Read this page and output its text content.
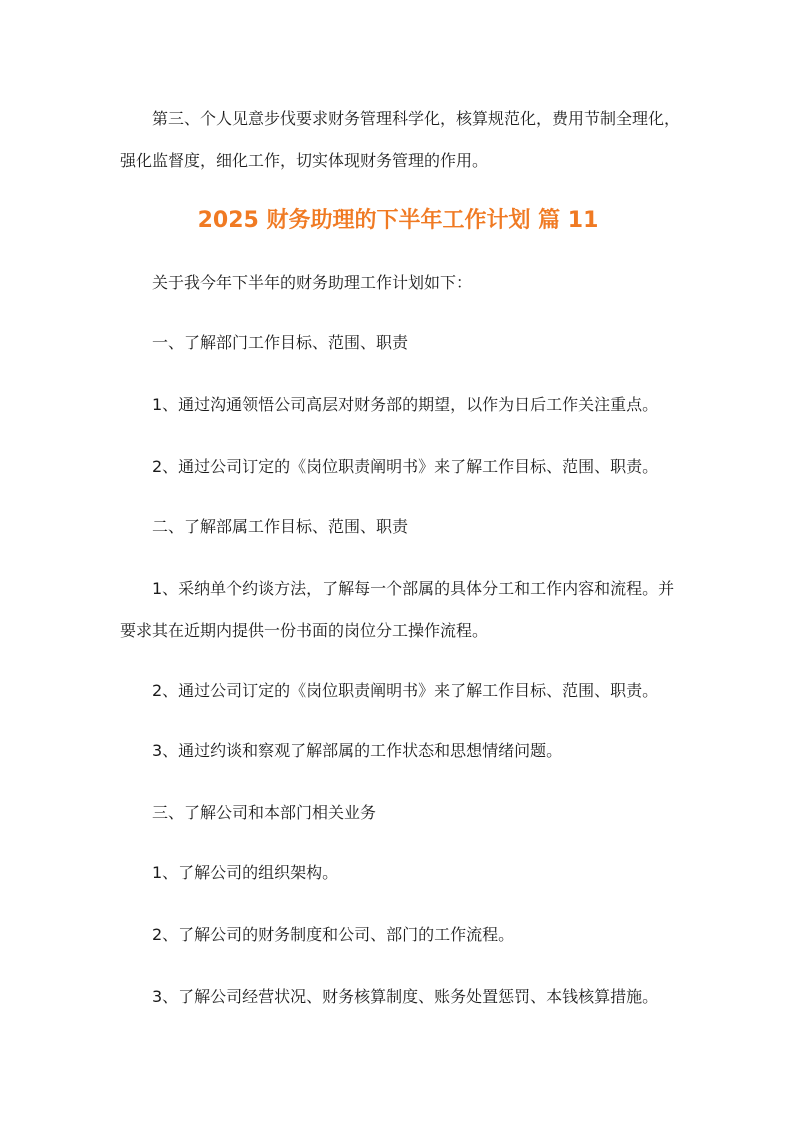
第三、个人见意步伐要求财务管理科学化，核算规范化，费用节制全理化，强化监督度，细化工作，切实体现财务管理的作用。

2025 财务助理的下半年工作计划 篇 11

关于我今年下半年的财务助理工作计划如下：

一、了解部门工作目标、范围、职责

1、通过沟通领悟公司高层对财务部的期望，以作为日后工作关注重点。

2、通过公司订定的《岗位职责阐明书》来了解工作目标、范围、职责。

二、了解部属工作目标、范围、职责

1、采纳单个约谈方法，了解每一个部属的具体分工和工作内容和流程。并要求其在近期内提供一份书面的岗位分工操作流程。

2、通过公司订定的《岗位职责阐明书》来了解工作目标、范围、职责。

3、通过约谈和察观了解部属的工作状态和思想情绪问题。

三、了解公司和本部门相关业务

1、了解公司的组织架构。

2、了解公司的财务制度和公司、部门的工作流程。

3、了解公司经营状况、财务核算制度、账务处置惩罚、本钱核算措施。
